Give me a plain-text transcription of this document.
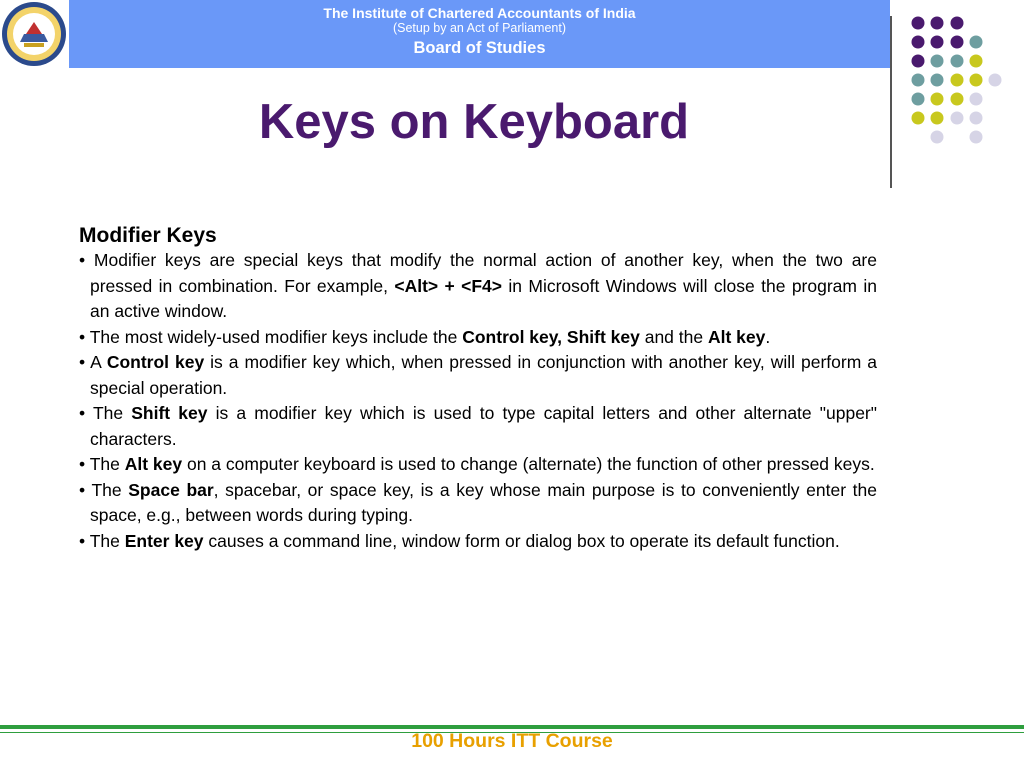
The Institute of Chartered Accountants of India
(Setup by an Act of Parliament)
Board of Studies
Keys on Keyboard
Modifier Keys
• Modifier keys are special keys that modify the normal action of another key, when the two are pressed in combination. For example, <Alt> + <F4> in Microsoft Windows will close the program in an active window.
• The most widely-used modifier keys include the Control key, Shift key and the Alt key.
• A Control key is a modifier key which, when pressed in conjunction with another key, will perform a special operation.
• The Shift key is a modifier key which is used to type capital letters and other alternate "upper" characters.
• The Alt key on a computer keyboard is used to change (alternate) the function of other pressed keys.
• The Space bar, spacebar, or space key, is a key whose main purpose is to conveniently enter the space, e.g., between words during typing.
• The Enter key causes a command line, window form or dialog box to operate its default function.
100 Hours ITT Course
